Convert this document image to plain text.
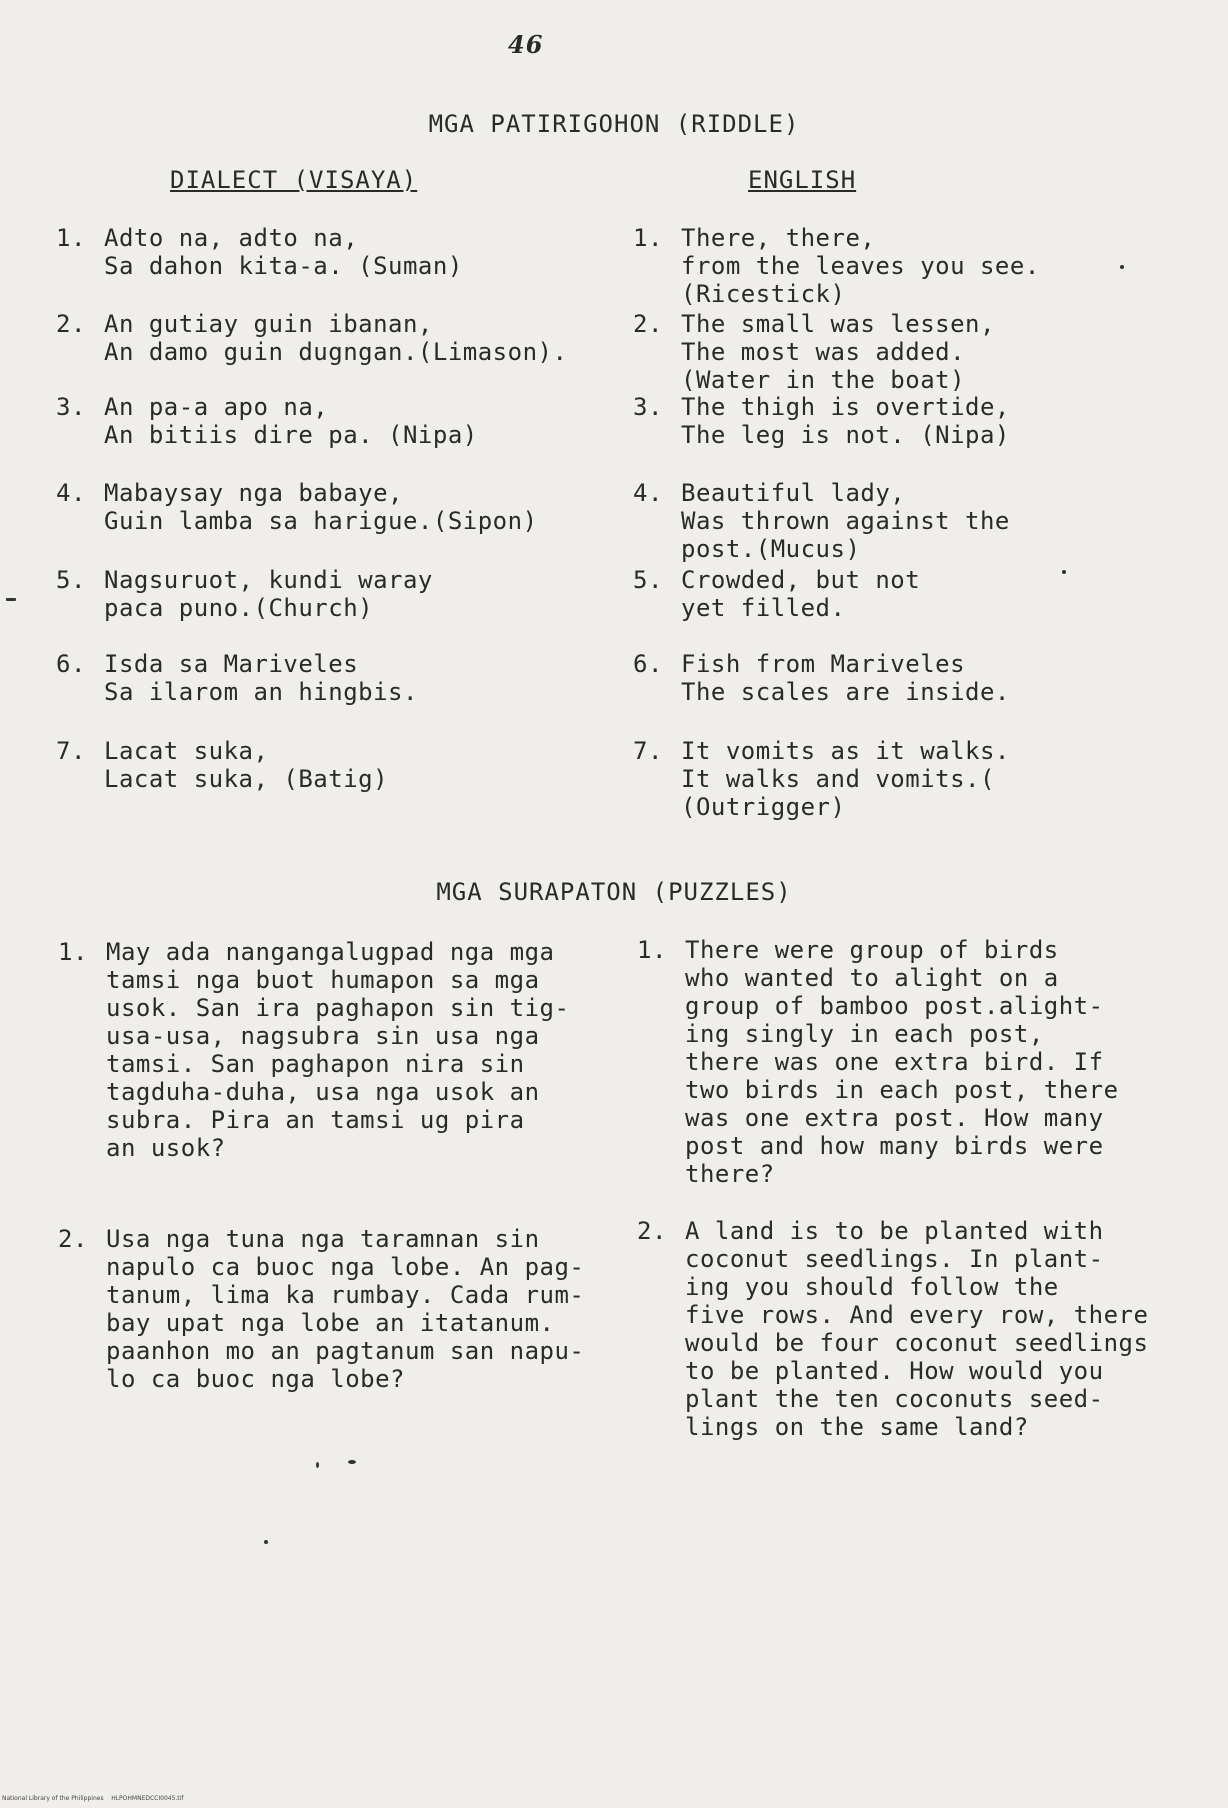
46
MGA PATIRIGOHON (RIDDLE)
DIALECT (VISAYA)	ENGLISH
1. Adto na, adto na,

Sa dahon kita-a. (Suman)
2. An gutiay guin ibanan,

An damo guin dugngan.(Limason).
3. An pa-a apo na,

An bitiis dire pa. (Nipa)
4. Mabaysay nga babaye,

Guin lamba sa harigue.(Sipon)
5. Nagsuruot, kundi waray

paca puno.(Church)
6. Isda sa Mariveles

Sa ilarom an hingbis.
7. Lacat suka,

Lacat suka, (Batig)
1. There, there,

from the leaves you see.
(Ricestick)
2. The small was lessen,

The most was added.
(Water in the boat)
3. The thigh is overtide,

The leg is not. (Nipa)
4. Beautiful lady,

Was thrown against the
post.(Mucus)
5. Crowded, but not

yet filled.
6. Fish from Mariveles

The scales are inside.
7. It vomits as it walks.

It walks and vomits.(
(Outrigger)
MGA SURAPATON (PUZZLES)
1. May ada nangangalugpad nga mga

tamsi nga buot humapon sa mga
usok. San ira paghapon sin tig-
usa-usa, nagsubra sin usa nga
tamsi. San paghapon nira sin
tagduha-duha, usa nga usok an
subra. Pira an tamsi ug pira
an usok?
2. Usa nga tuna nga taramnan sin

napulo ca buoc nga lobe. An pag-
tanum, lima ka rumbay. Cada rum-
bay upat nga lobe an itatanum.
paanhon mo an pagtanum san napu-
lo ca buoc nga lobe?
1. There were group of birds

who wanted to alight on a
group of bamboo post.alight-
ing singly in each post,
there was one extra bird. If
two birds in each post, there
was one extra post. How many
post and how many birds were
there?
2. A land is to be planted with

coconut seedlings. In plant-
ing you should follow the
five rows. And every row, there
would be four coconut seedlings
to be planted. How would you
plant the ten coconuts seed-
lings on the same land?
National Library of the Philippines    HLPOHMNEDCCI0045.tif
